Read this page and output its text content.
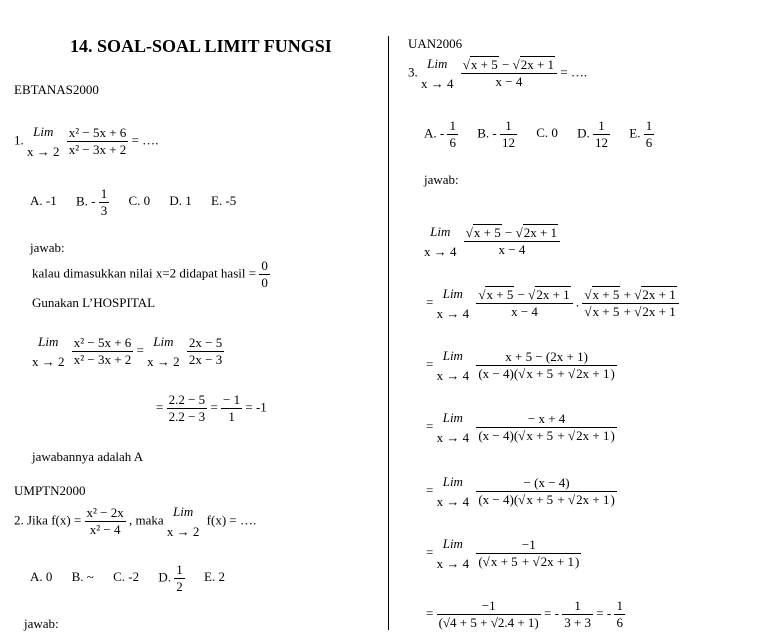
14. SOAL-SOAL LIMIT FUNGSI
EBTANAS2000
1.
Lim
$x \to 2 \frac{\text{x² − 5x + 6}}{\text{x² − 3x + 2}}$ = ….
A. -1 B. - $\frac{1}{3} C$. 0 D. 1 E. -5
jawab:
kalau dimasukkan nilai x=2 didapat hasil = $\frac{0}{0}$
Gunakan L’HOSPITAL
Lim
$x \to 2 \frac{\text{x² − 5x + 6}}{\text{x² − 3x + 2}}$ =
Lim
$x \to 2 \frac{2x - 5}{2x - 3}$
= $\frac{2.2 - 5}{2.2 - 3} = \frac{- 1}{1} = -1$
jawabannya adalah A
UMPTN2000
2. Jika $f(x) = \frac{\text{x² − 2x}}{\text{x² − 4}}$ , maka
Lim
x → 2 f(x) = ….
A. 0 B. ~ C. -2 D. $\frac{1}{2} E$. 2
jawab:
UAN2006
3.
Lim
$x \to 4 \frac{√x + 5 - √2x + 1}{x - 4}$ = ….
A. - $\frac{1}{6} B$. - $\frac{1}{12} C$. 0 D. $\frac{1}{12} E$. $\frac{1}{6}$
jawab:
Lim
$x \to 4 \frac{√x + 5 - √2x + 1}{x - 4}$
=
Lim
$x \to 4 \frac{√x + 5 - √2x + 1}{x - 4}$ . $\frac{√x + 5 + √2x + 1}{√x + 5 + √2x + 1}$
=
Lim
$x \to 4 \frac{x + 5 - (2x + 1)}{(x - 4)(√x + 5 + √2x + 1)}$
=
Lim
$x \to 4 \frac{- x + 4}{(x - 4)(√x + 5 + √2x + 1)}$
=
Lim
$x \to 4 \frac{- (x - 4)}{(x - 4)(√x + 5 + √2x + 1)}$
=
Lim
$x \to 4 \frac{-1}{(√x + 5 + √2x + 1)}$
= $\frac{-1}{(√4 + 5 + √2.4 + 1)}$ = - $\frac{1}{3 + 3}$ = - $\frac{1}{6}$
